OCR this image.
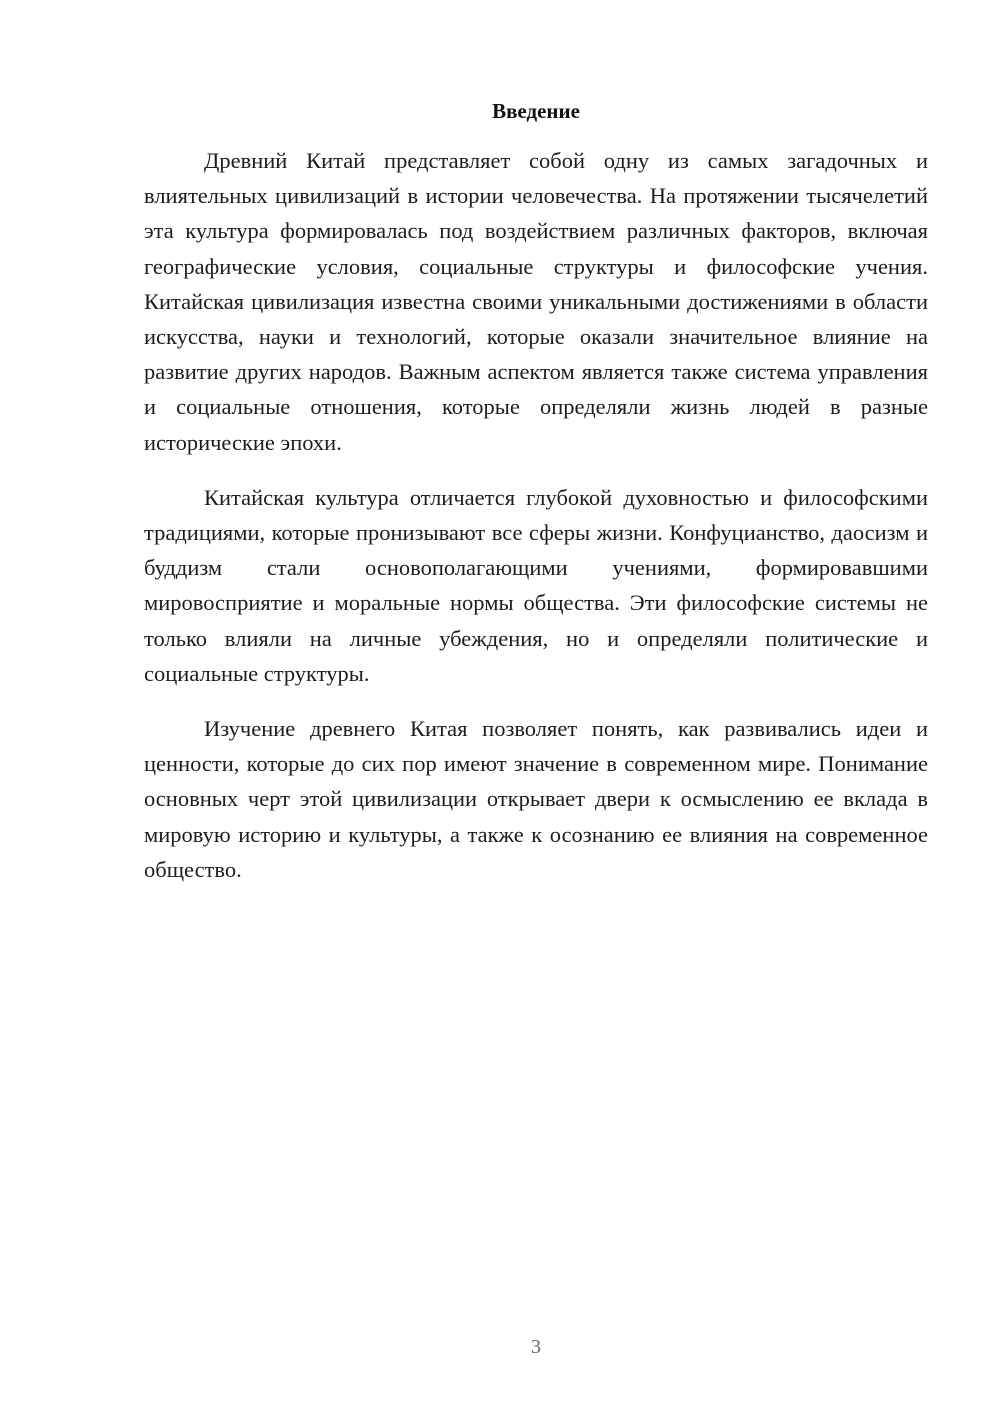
Введение

Древний Китай представляет собой одну из самых загадочных и влиятельных цивилизаций в истории человечества. На протяжении тысячелетий эта культура формировалась под воздействием различных факторов, включая географические условия, социальные структуры и философские учения. Китайская цивилизация известна своими уникальными достижениями в области искусства, науки и технологий, которые оказали значительное влияние на развитие других народов. Важным аспектом является также система управления и социальные отношения, которые определяли жизнь людей в разные исторические эпохи.

Китайская культура отличается глубокой духовностью и философскими традициями, которые пронизывают все сферы жизни. Конфуцианство, даосизм и буддизм стали основополагающими учениями, формировавшими мировосприятие и моральные нормы общества. Эти философские системы не только влияли на личные убеждения, но и определяли политические и социальные структуры.

Изучение древнего Китая позволяет понять, как развивались идеи и ценности, которые до сих пор имеют значение в современном мире. Понимание основных черт этой цивилизации открывает двери к осмыслению ее вклада в мировую историю и культуры, а также к осознанию ее влияния на современное общество.

3
